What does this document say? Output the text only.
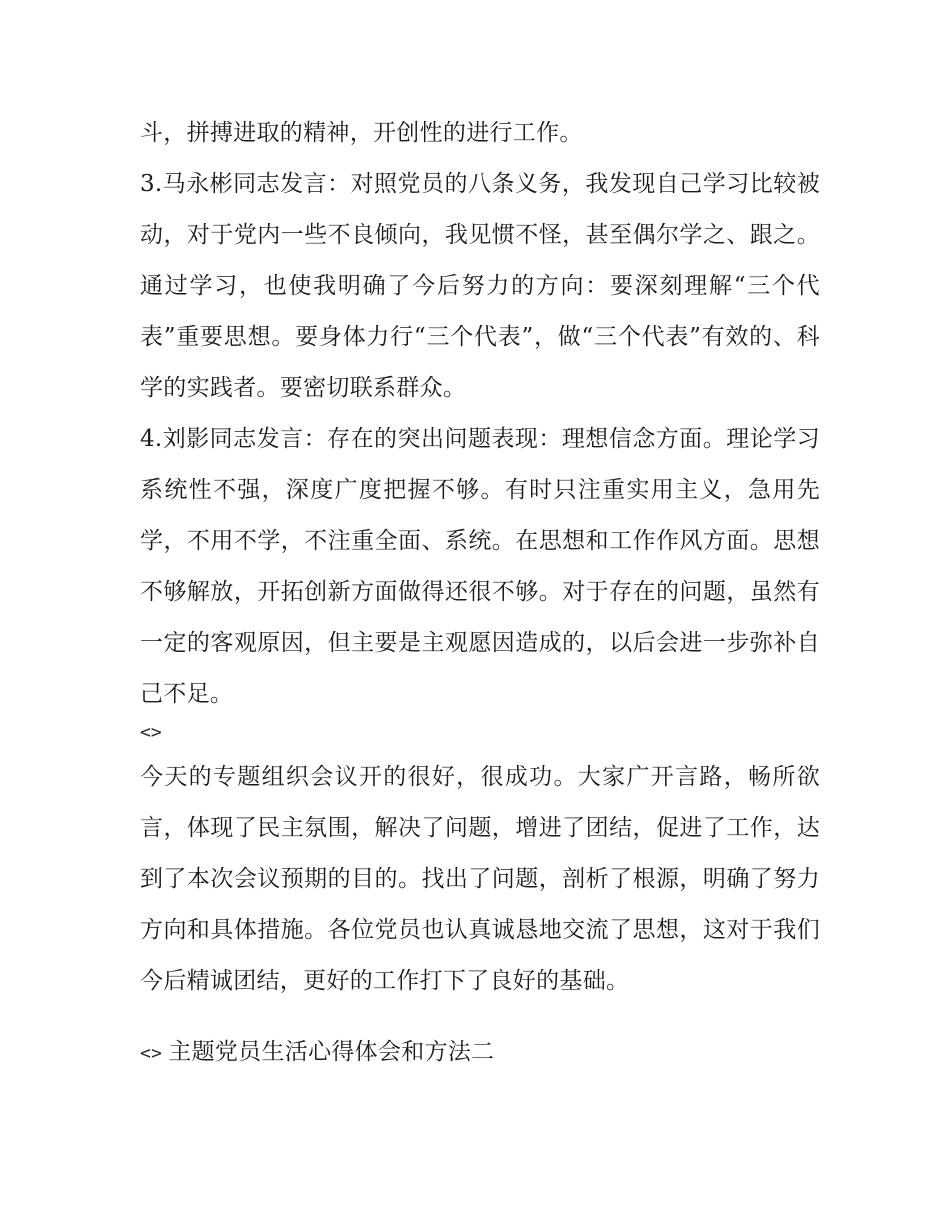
斗，拼搏进取的精神，开创性的进行工作。

3.马永彬同志发言：对照党员的八条义务，我发现自己学习比较被动，对于党内一些不良倾向，我见惯不怪，甚至偶尔学之、跟之。通过学习，也使我明确了今后努力的方向：要深刻理解“三个代表”重要思想。要身体力行“三个代表”，做“三个代表”有效的、科学的实践者。要密切联系群众。

4.刘影同志发言：存在的突出问题表现：理想信念方面。理论学习系统性不强，深度广度把握不够。有时只注重实用主义，急用先学，不用不学，不注重全面、系统。在思想和工作作风方面。思想不够解放，开拓创新方面做得还很不够。对于存在的问题，虽然有一定的客观原因，但主要是主观愿因造成的，以后会进一步弥补自己不足。

<>

今天的专题组织会议开的很好，很成功。大家广开言路，畅所欲言，体现了民主氛围，解决了问题，增进了团结，促进了工作，达到了本次会议预期的目的。找出了问题，剖析了根源，明确了努力方向和具体措施。各位党员也认真诚恳地交流了思想，这对于我们今后精诚团结，更好的工作打下了良好的基础。

<> 主题党员生活心得体会和方法二
